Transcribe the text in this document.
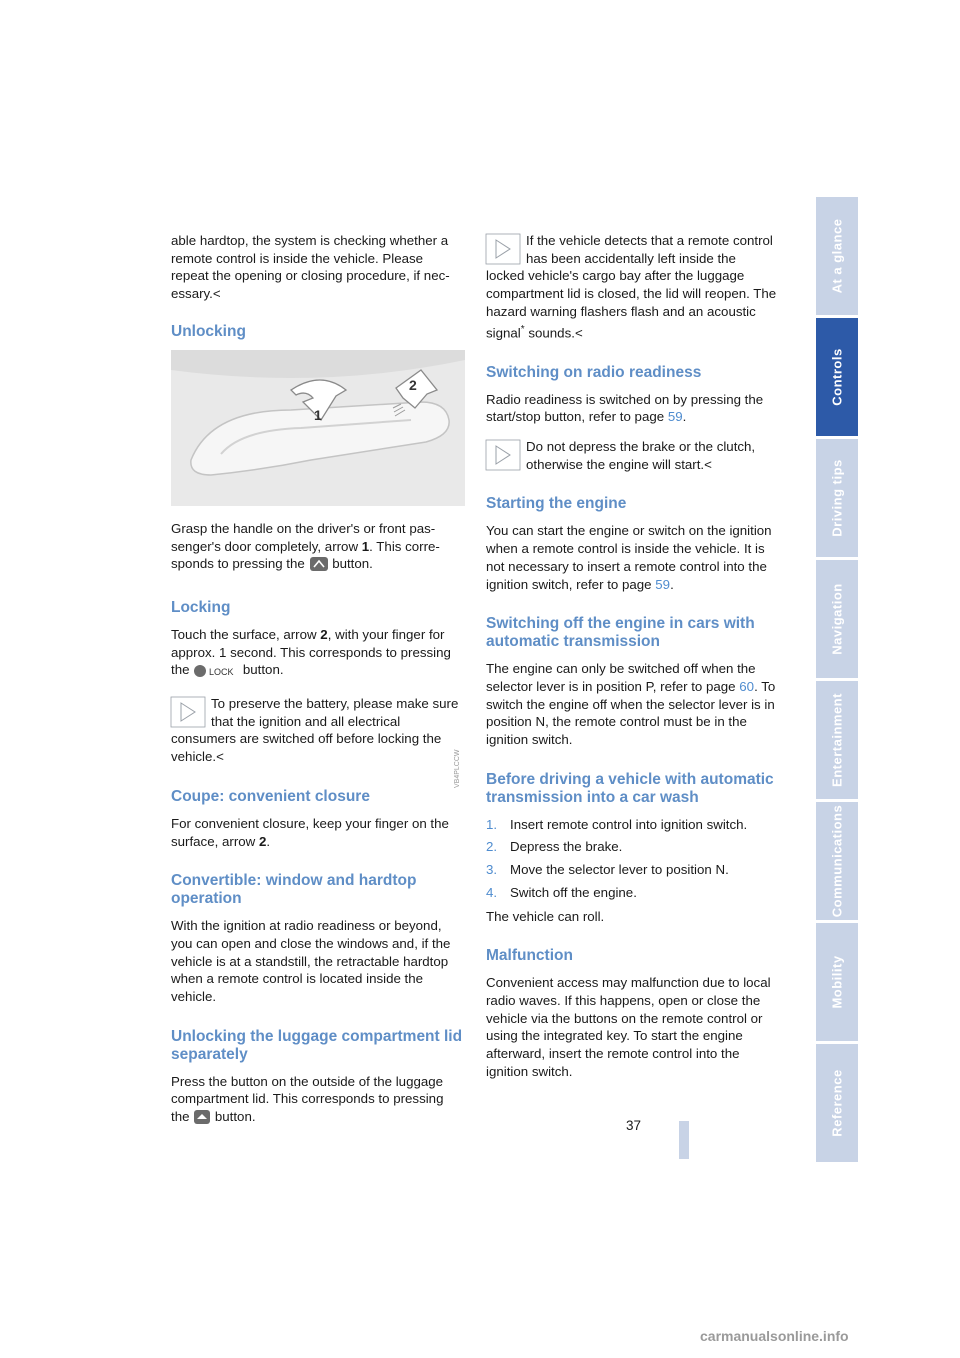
able hardtop, the system is checking whether a remote control is inside the vehicle. Please repeat the opening or closing procedure, if necessary.<

Unlocking
1
2
VB4PLCCW

Grasp the handle on the driver's or front passenger's door completely, arrow 1. This corresponds to pressing the  button.

Locking

Touch the surface, arrow 2, with your finger for approx. 1 second. This corresponds to pressing the LOCK button.

To preserve the battery, please make sure that the ignition and all electrical consumers are switched off before locking the vehicle.<
Coupe: convenient closure

For convenient closure, keep your finger on the surface, arrow 2.

Convertible: window and hardtop operation

With the ignition at radio readiness or beyond, you can open and close the windows and, if the vehicle is at a standstill, the retractable hardtop when a remote control is located inside the vehicle.

Unlocking the luggage compartment lid separately

Press the button on the outside of the luggage compartment lid. This corresponds to pressing the  button.

If the vehicle detects that a remote control has been accidentally left inside the locked vehicle's cargo bay after the luggage compartment lid is closed, the lid will reopen. The hazard warning flashers flash and an acoustic signal* sounds.<
Switching on radio readiness

Radio readiness is switched on by pressing the start/stop button, refer to page 59.

Do not depress the brake or the clutch, otherwise the engine will start.<
Starting the engine

You can start the engine or switch on the ignition when a remote control is inside the vehicle. It is not necessary to insert a remote control into the ignition switch, refer to page 59.

Switching off the engine in cars with automatic transmission

The engine can only be switched off when the selector lever is in position P, refer to page 60. To switch the engine off when the selector lever is in position N, the remote control must be in the ignition switch.

Before driving a vehicle with automatic transmission into a car wash
1. Insert remote control into ignition switch.
2. Depress the brake.
3. Move the selector lever to position N.
4. Switch off the engine.

The vehicle can roll.

Malfunction

Convenient access may malfunction due to local radio waves. If this happens, open or close the vehicle via the buttons on the remote control or using the integrated key. To start the engine afterward, insert the remote control into the ignition switch.

At a glance
Controls
Driving tips
Navigation
Entertainment
Communications
Mobility
Reference
37
carmanualsonline.info
